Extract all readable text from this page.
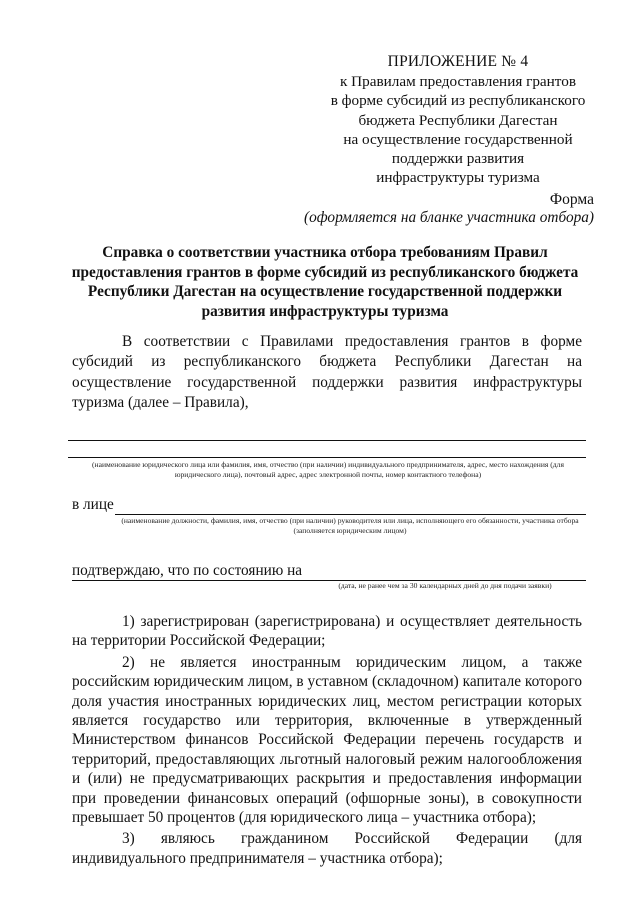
ПРИЛОЖЕНИЕ № 4
к Правилам предоставления грантов
в форме субсидий из республиканского
бюджета Республики Дагестан
на осуществление государственной
поддержки развития
инфраструктуры туризма
Форма
(оформляется на бланке участника отбора)
Справка о соответствии участника отбора требованиям Правил предоставления грантов в форме субсидий из республиканского бюджета Республики Дагестан на осуществление государственной поддержки развития инфраструктуры туризма
В соответствии с Правилами предоставления грантов в форме субсидий из республиканского бюджета Республики Дагестан на осуществление государственной поддержки развития инфраструктуры туризма (далее – Правила),
(наименование юридического лица или фамилия, имя, отчество (при наличии) индивидуального предпринимателя, адрес, место нахождения (для юридического лица), почтовый адрес, адрес электронной почты, номер контактного телефона)
в лице
(наименование должности, фамилия, имя, отчество (при наличии) руководителя или лица, исполняющего его обязанности, участника отбора (заполняется юридическим лицом)
подтверждаю, что по состоянию на
(дата, не ранее чем за 30 календарных дней до дня подачи заявки)

1) зарегистрирован (зарегистрирована) и осуществляет деятельность на территории Российской Федерации;

2) не является иностранным юридическим лицом, а также российским юридическим лицом, в уставном (складочном) капитале которого доля участия иностранных юридических лиц, местом регистрации которых является государство или территория, включенные в утвержденный Министерством финансов Российской Федерации перечень государств и территорий, предоставляющих льготный налоговый режим налогообложения и (или) не предусматривающих раскрытия и предоставления информации при проведении финансовых операций (офшорные зоны), в совокупности превышает 50 процентов (для юридического лица – участника отбора);

3) являюсь гражданином Российской Федерации (для индивидуального предпринимателя – участника отбора);
